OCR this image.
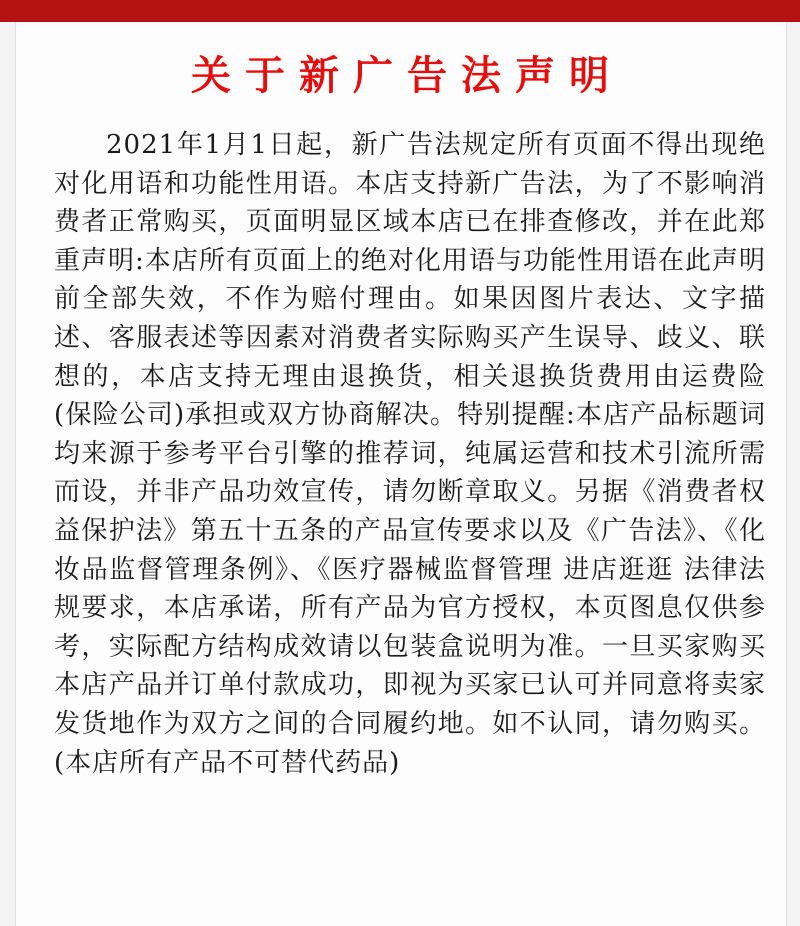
关于新广告法声明

2021年1月1日起，新广告法规定所有页面不得出现绝对化用语和功能性用语。本店支持新广告法，为了不影响消费者正常购买，页面明显区域本店已在排查修改，并在此郑重声明:本店所有页面上的绝对化用语与功能性用语在此声明前全部失效，不作为赔付理由。如果因图片表达、文字描述、客服表述等因素对消费者实际购买产生误导、歧义、联想的，本店支持无理由退换货，相关退换货费用由运费险(保险公司)承担或双方协商解决。特别提醒:本店产品标题词均来源于参考平台引擎的推荐词，纯属运营和技术引流所需而设，并非产品功效宣传，请勿断章取义。另据《消费者权益保护法》第五十五条的产品宣传要求以及《广告法》、《化妆品监督管理条例》、《医疗器械监督管理 进店逛逛 法律法规要求，本店承诺，所有产品为官方授权，本页图息仅供参考，实际配方结构成效请以包装盒说明为准。一旦买家购买本店产品并订单付款成功，即视为买家已认可并同意将卖家发货地作为双方之间的合同履约地。如不认同，请勿购买。(本店所有产品不可替代药品)
